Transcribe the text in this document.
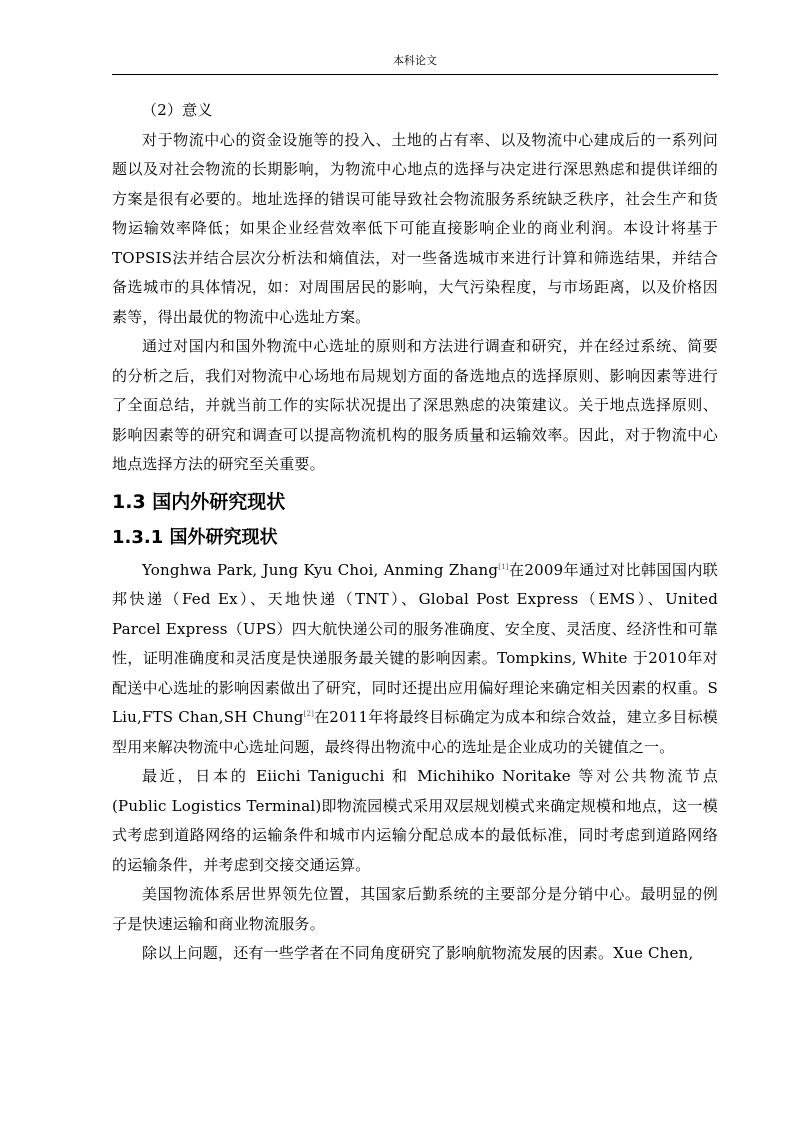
本科论文

（2）意义

对于物流中心的资金设施等的投入、土地的占有率、以及物流中心建成后的一系列问题以及对社会物流的长期影响，为物流中心地点的选择与决定进行深思熟虑和提供详细的方案是很有必要的。地址选择的错误可能导致社会物流服务系统缺乏秩序，社会生产和货物运输效率降低；如果企业经营效率低下可能直接影响企业的商业利润。本设计将基于TOPSIS法并结合层次分析法和熵值法，对一些备选城市来进行计算和筛选结果，并结合备选城市的具体情况，如：对周围居民的影响，大气污染程度，与市场距离，以及价格因素等，得出最优的物流中心选址方案。

通过对国内和国外物流中心选址的原则和方法进行调查和研究，并在经过系统、简要的分析之后，我们对物流中心场地布局规划方面的备选地点的选择原则、影响因素等进行了全面总结，并就当前工作的实际状况提出了深思熟虑的决策建议。关于地点选择原则、影响因素等的研究和调查可以提高物流机构的服务质量和运输效率。因此，对于物流中心地点选择方法的研究至关重要。

1.3 国内外研究现状
1.3.1 国外研究现状

Yonghwa Park, Jung Kyu Choi, Anming Zhang[1]在2009年通过对比韩国国内联邦快递（Fed Ex）、天地快递（TNT）、Global Post Express（EMS）、United Parcel Express（UPS）四大航快递公司的服务准确度、安全度、灵活度、经济性和可靠性，证明准确度和灵活度是快递服务最关键的影响因素。Tompkins, White 于2010年对配送中心选址的影响因素做出了研究，同时还提出应用偏好理论来确定相关因素的权重。S Liu,FTS Chan,SH Chung[2]在2011年将最终目标确定为成本和综合效益，建立多目标模型用来解决物流中心选址问题，最终得出物流中心的选址是企业成功的关键值之一。

最近，日本的 Eiichi Taniguchi 和 Michihiko Noritake 等对公共物流节点(Public Logistics Terminal)即物流园模式采用双层规划模式来确定规模和地点，这一模式考虑到道路网络的运输条件和城市内运输分配总成本的最低标准，同时考虑到道路网络的运输条件，并考虑到交接交通运算。

美国物流体系居世界领先位置，其国家后勤系统的主要部分是分销中心。最明显的例子是快速运输和商业物流服务。

除以上问题，还有一些学者在不同角度研究了影响航物流发展的因素。Xue Chen,
